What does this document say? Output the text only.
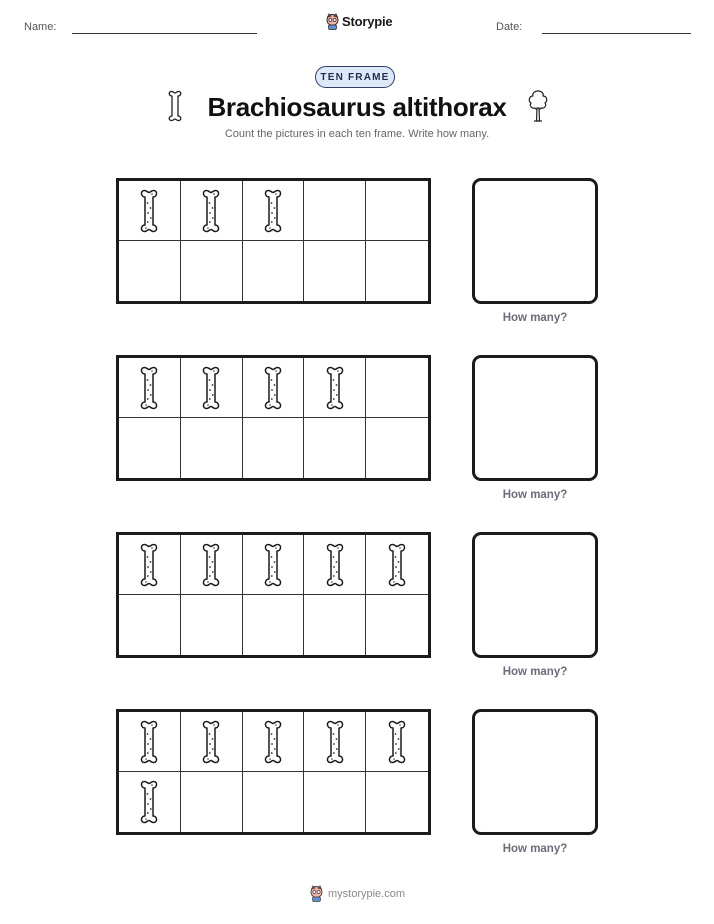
Name:	Storypie	Date:
TEN FRAME
Brachiosaurus altithorax
Count the pictures in each ten frame. Write how many.
How many?
How many?
How many?
How many?
mystorypie.com
